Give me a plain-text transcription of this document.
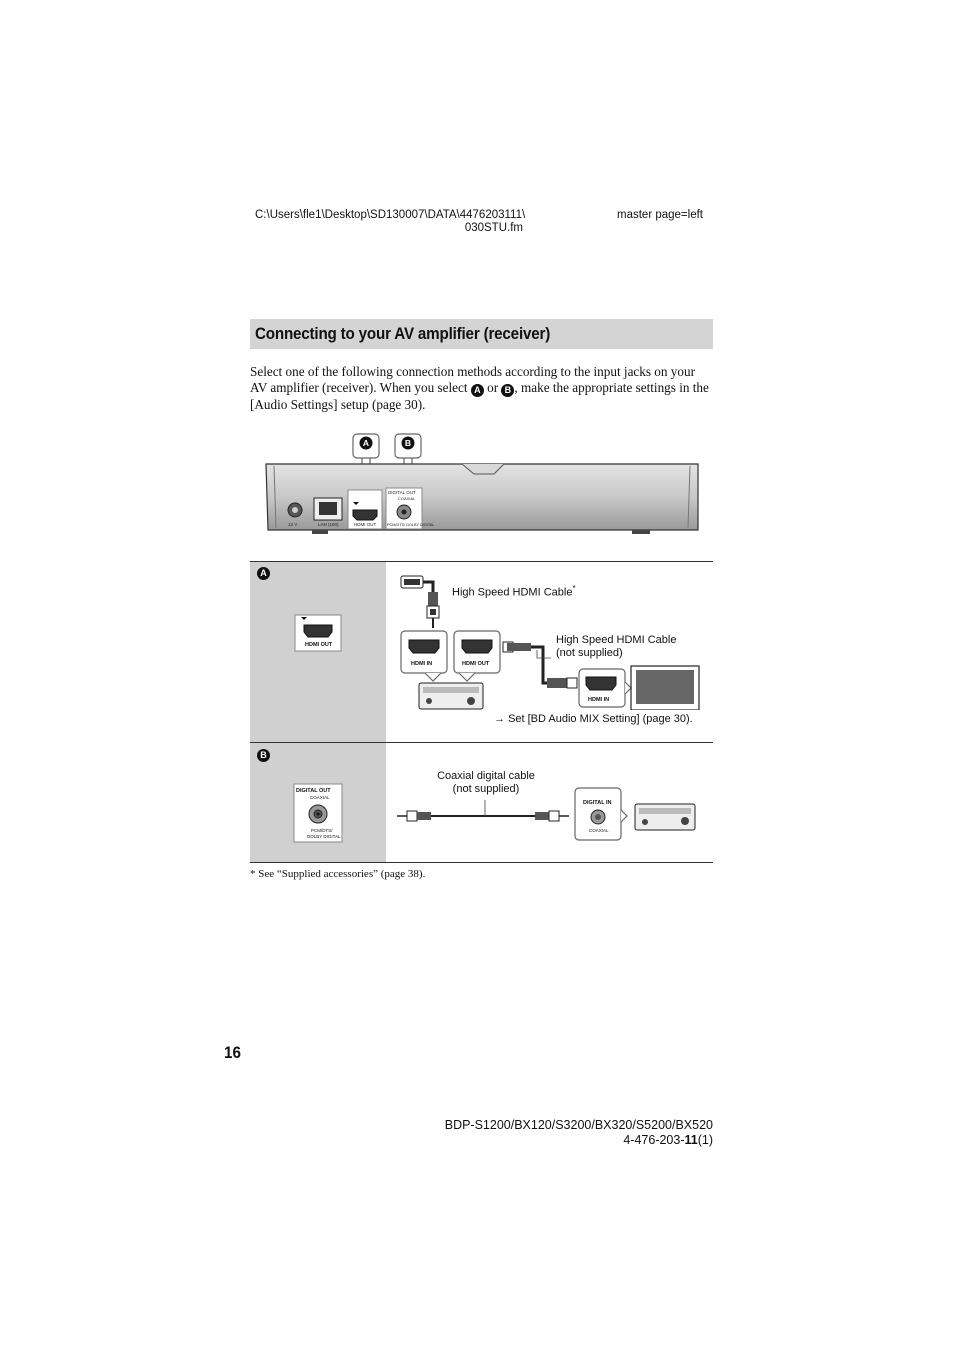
C:\Users\fle1\Desktop\SD130007\DATA\4476203111\
030STU.fm
master page=left
Connecting to your AV amplifier (receiver)
Select one of the following connection methods according to the input jacks on your AV amplifier (receiver). When you select A or B , make the appropriate settings in the [Audio Settings] setup (page 30).
A	B
12 V	LAN (100)	HDMI OUT
DIGITAL OUT
COAXIAL
PCM/DTS/ DOLBY DIGITAL
A
HDMI OUT
HDMI IN	HDMI OUT
HDMI IN
High Speed HDMI Cable*
High Speed HDMI Cable
(not supplied)
→ Set [BD Audio MIX Setting] (page 30).
B
DIGITAL OUT
COAXIAL
PCM/DTS/
DOLBY DIGITAL
DIGITAL IN
COAXIAL
Coaxial digital cable
(not supplied)
* See “Supplied accessories” (page 38).
16
BDP-S1200/BX120/S3200/BX320/S5200/BX520
4-476-203-11(1)
